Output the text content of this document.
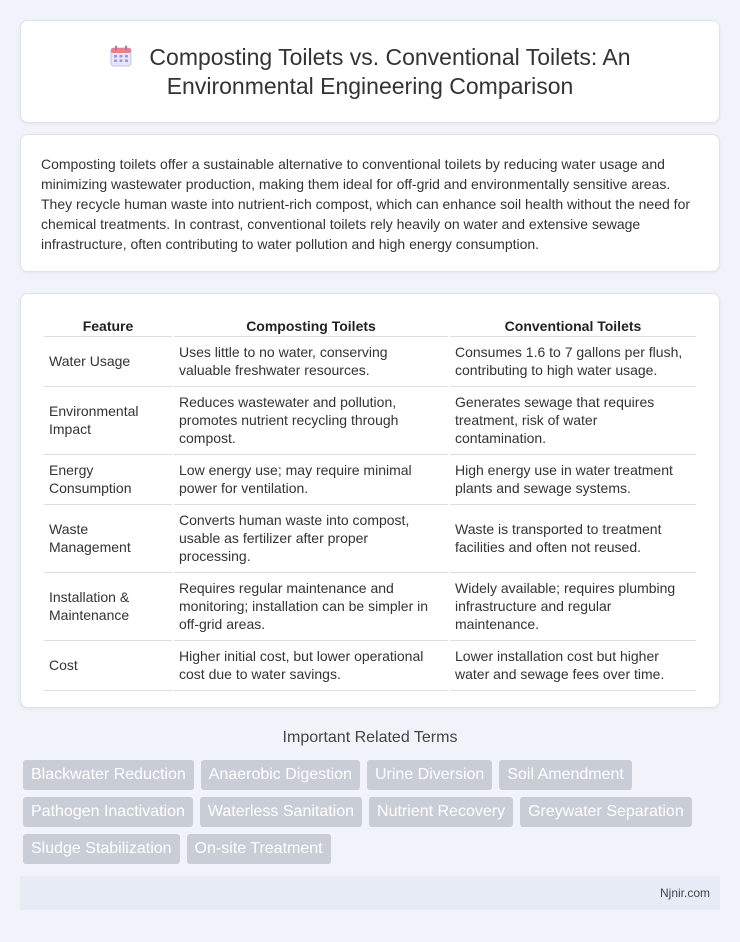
Composting Toilets vs. Conventional Toilets: An Environmental Engineering Comparison

Composting toilets offer a sustainable alternative to conventional toilets by reducing water usage and minimizing wastewater production, making them ideal for off-grid and environmentally sensitive areas. They recycle human waste into nutrient-rich compost, which can enhance soil health without the need for chemical treatments. In contrast, conventional toilets rely heavily on water and extensive sewage infrastructure, often contributing to water pollution and high energy consumption.

Feature	Composting Toilets	Conventional Toilets
Water Usage	Uses little to no water, conserving valuable freshwater resources.	Consumes 1.6 to 7 gallons per flush, contributing to high water usage.
Environmental Impact	Reduces wastewater and pollution, promotes nutrient recycling through compost.	Generates sewage that requires treatment, risk of water contamination.
Energy Consumption	Low energy use; may require minimal power for ventilation.	High energy use in water treatment plants and sewage systems.
Waste Management	Converts human waste into compost, usable as fertilizer after proper processing.	Waste is transported to treatment facilities and often not reused.
Installation & Maintenance	Requires regular maintenance and monitoring; installation can be simpler in off-grid areas.	Widely available; requires plumbing infrastructure and regular maintenance.
Cost	Higher initial cost, but lower operational cost due to water savings.	Lower installation cost but higher water and sewage fees over time.
Important Related Terms
Blackwater Reduction	Anaerobic Digestion	Urine Diversion	Soil Amendment
Pathogen Inactivation	Waterless Sanitation	Nutrient Recovery	Greywater Separation
Sludge Stabilization	On-site Treatment
Njnir.com
